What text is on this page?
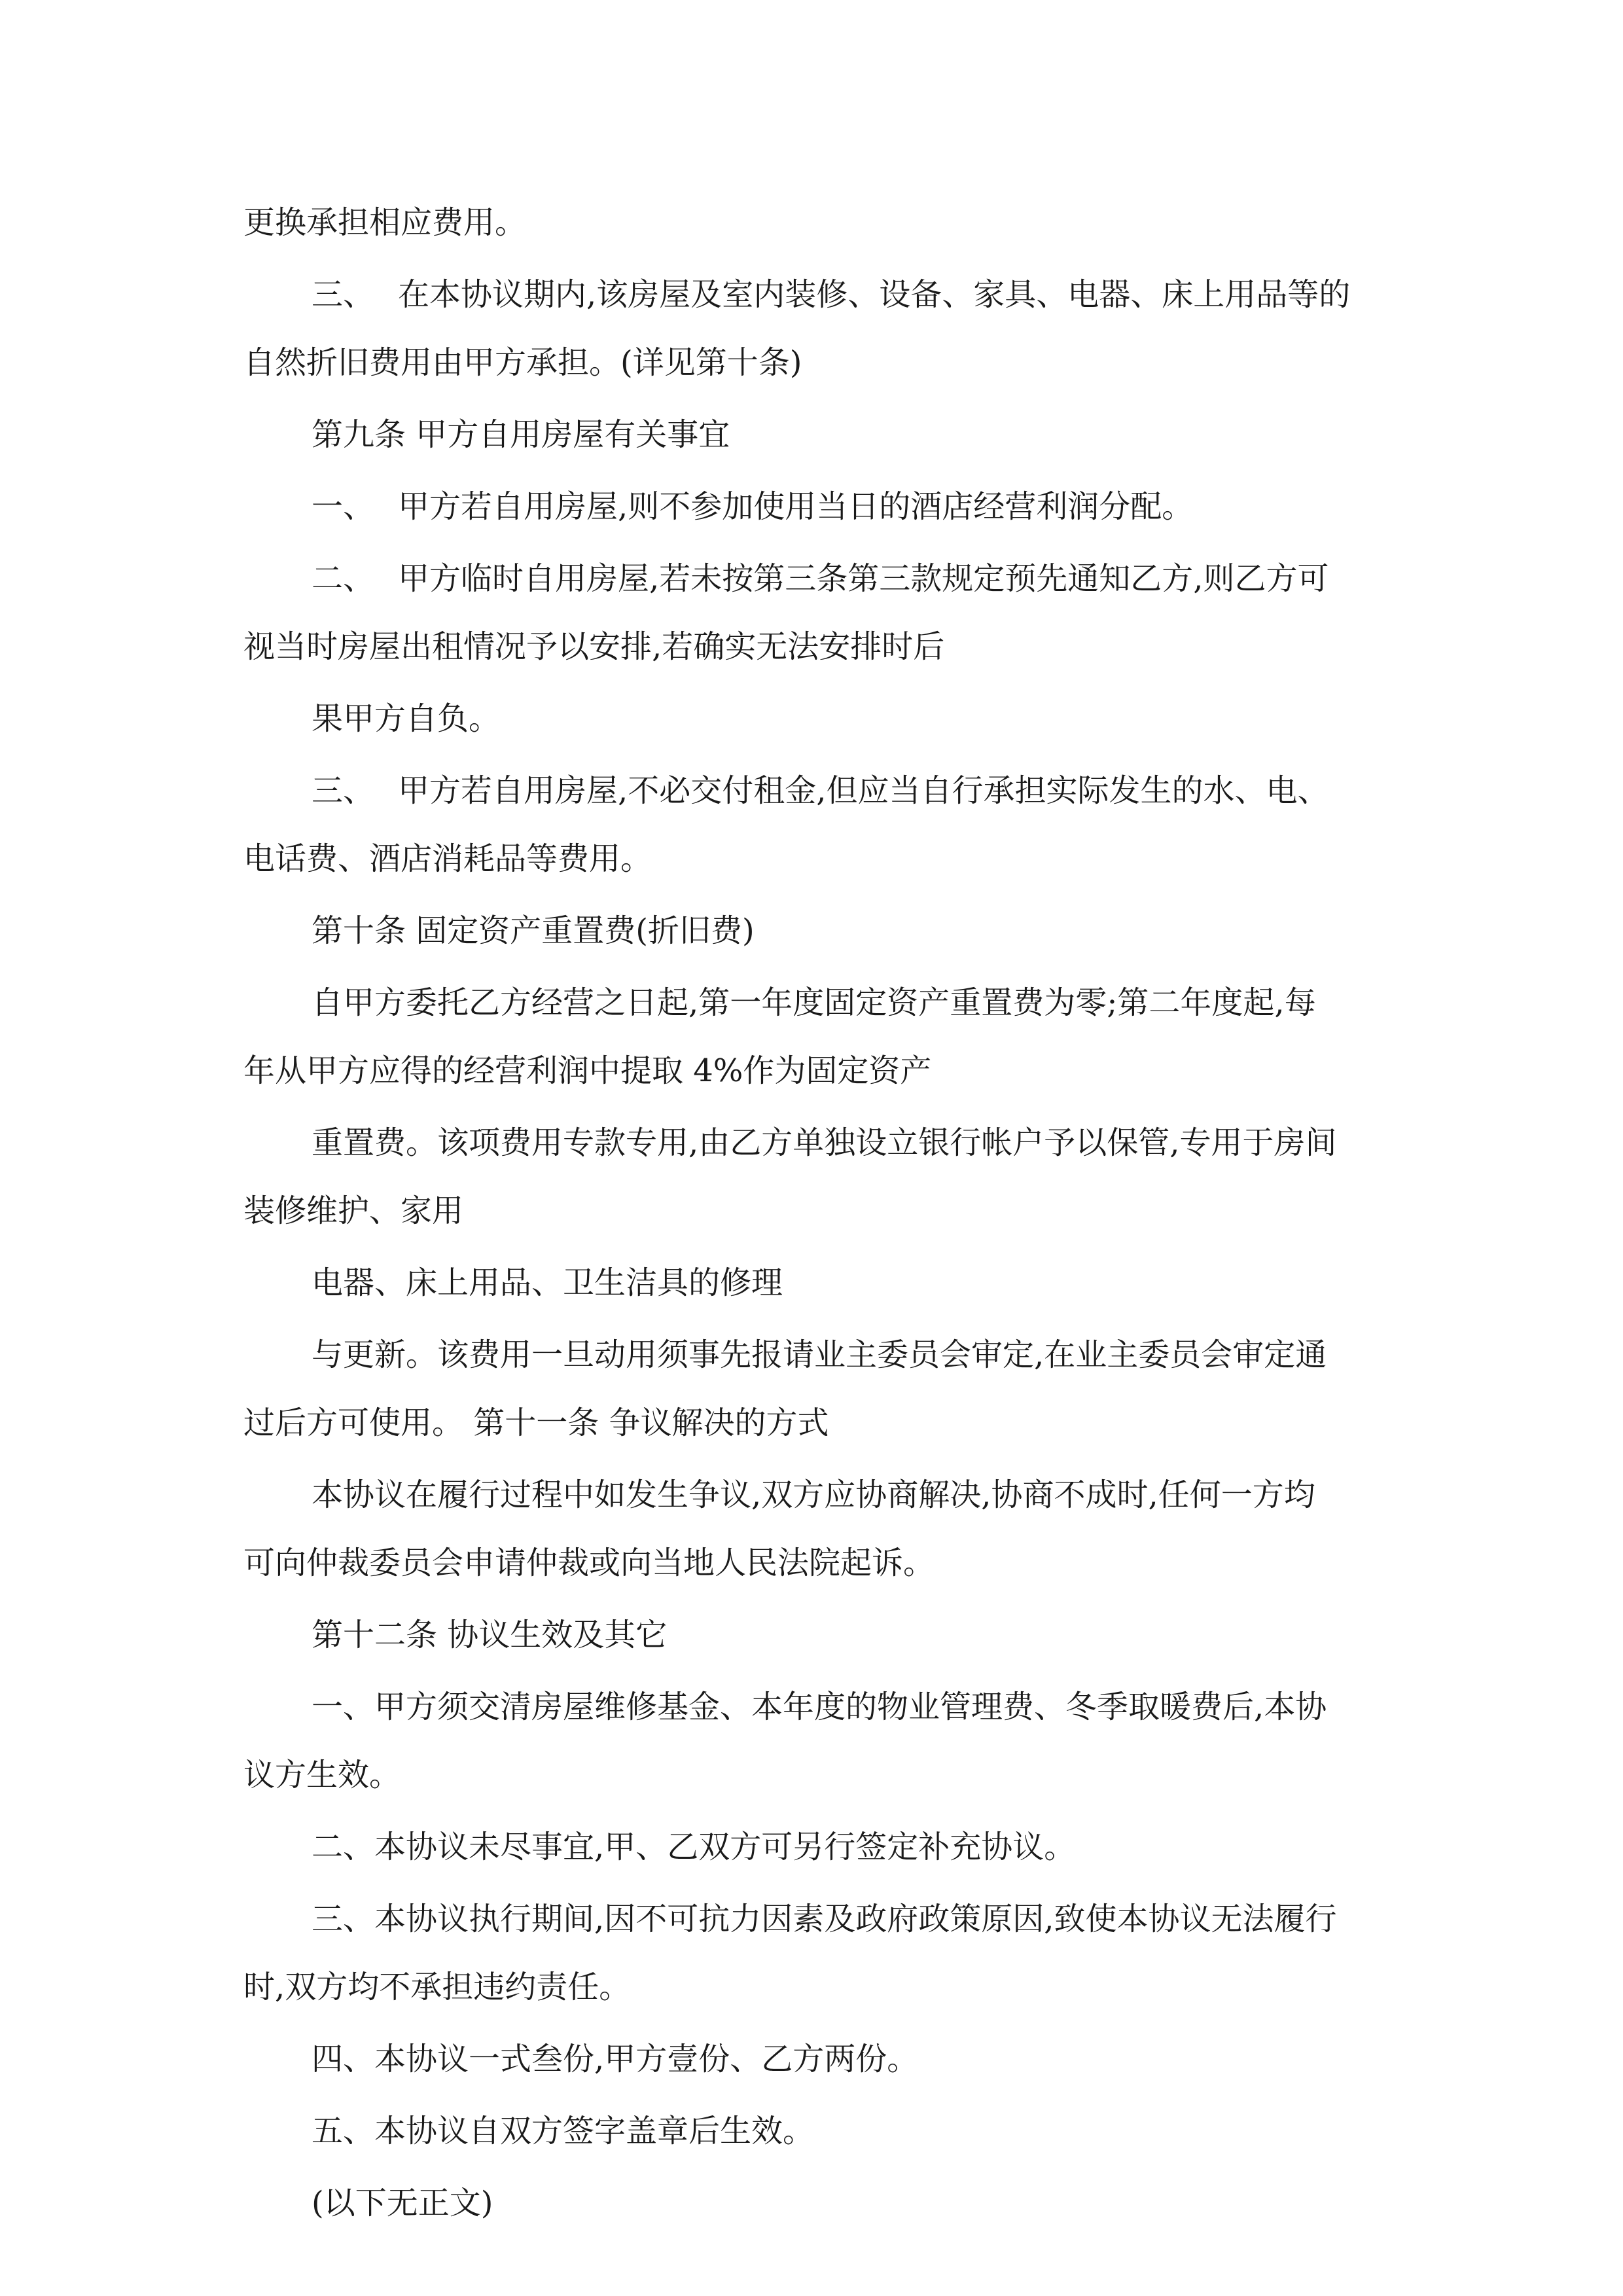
更换承担相应费用。
三、 在本协议期内,该房屋及室内装修、设备、家具、电器、床上用品等的
自然折旧费用由甲方承担。(详见第十条)
第九条 甲方自用房屋有关事宜
一、 甲方若自用房屋,则不参加使用当日的酒店经营利润分配。
二、 甲方临时自用房屋,若未按第三条第三款规定预先通知乙方,则乙方可
视当时房屋出租情况予以安排,若确实无法安排时后
果甲方自负。
三、 甲方若自用房屋,不必交付租金,但应当自行承担实际发生的水、电、
电话费、酒店消耗品等费用。
第十条 固定资产重置费(折旧费)
自甲方委托乙方经营之日起,第一年度固定资产重置费为零;第二年度起,每
年从甲方应得的经营利润中提取 4%作为固定资产
重置费。该项费用专款专用,由乙方单独设立银行帐户予以保管,专用于房间
装修维护、家用
电器、床上用品、卫生洁具的修理
与更新。该费用一旦动用须事先报请业主委员会审定,在业主委员会审定通
过后方可使用。 第十一条 争议解决的方式
本协议在履行过程中如发生争议,双方应协商解决,协商不成时,任何一方均
可向仲裁委员会申请仲裁或向当地人民法院起诉。
第十二条 协议生效及其它
一、甲方须交清房屋维修基金、本年度的物业管理费、冬季取暖费后,本协
议方生效。
二、本协议未尽事宜,甲、乙双方可另行签定补充协议。
三、本协议执行期间,因不可抗力因素及政府政策原因,致使本协议无法履行
时,双方均不承担违约责任。
四、本协议一式叁份,甲方壹份、乙方两份。
五、本协议自双方签字盖章后生效。
(以下无正文)
